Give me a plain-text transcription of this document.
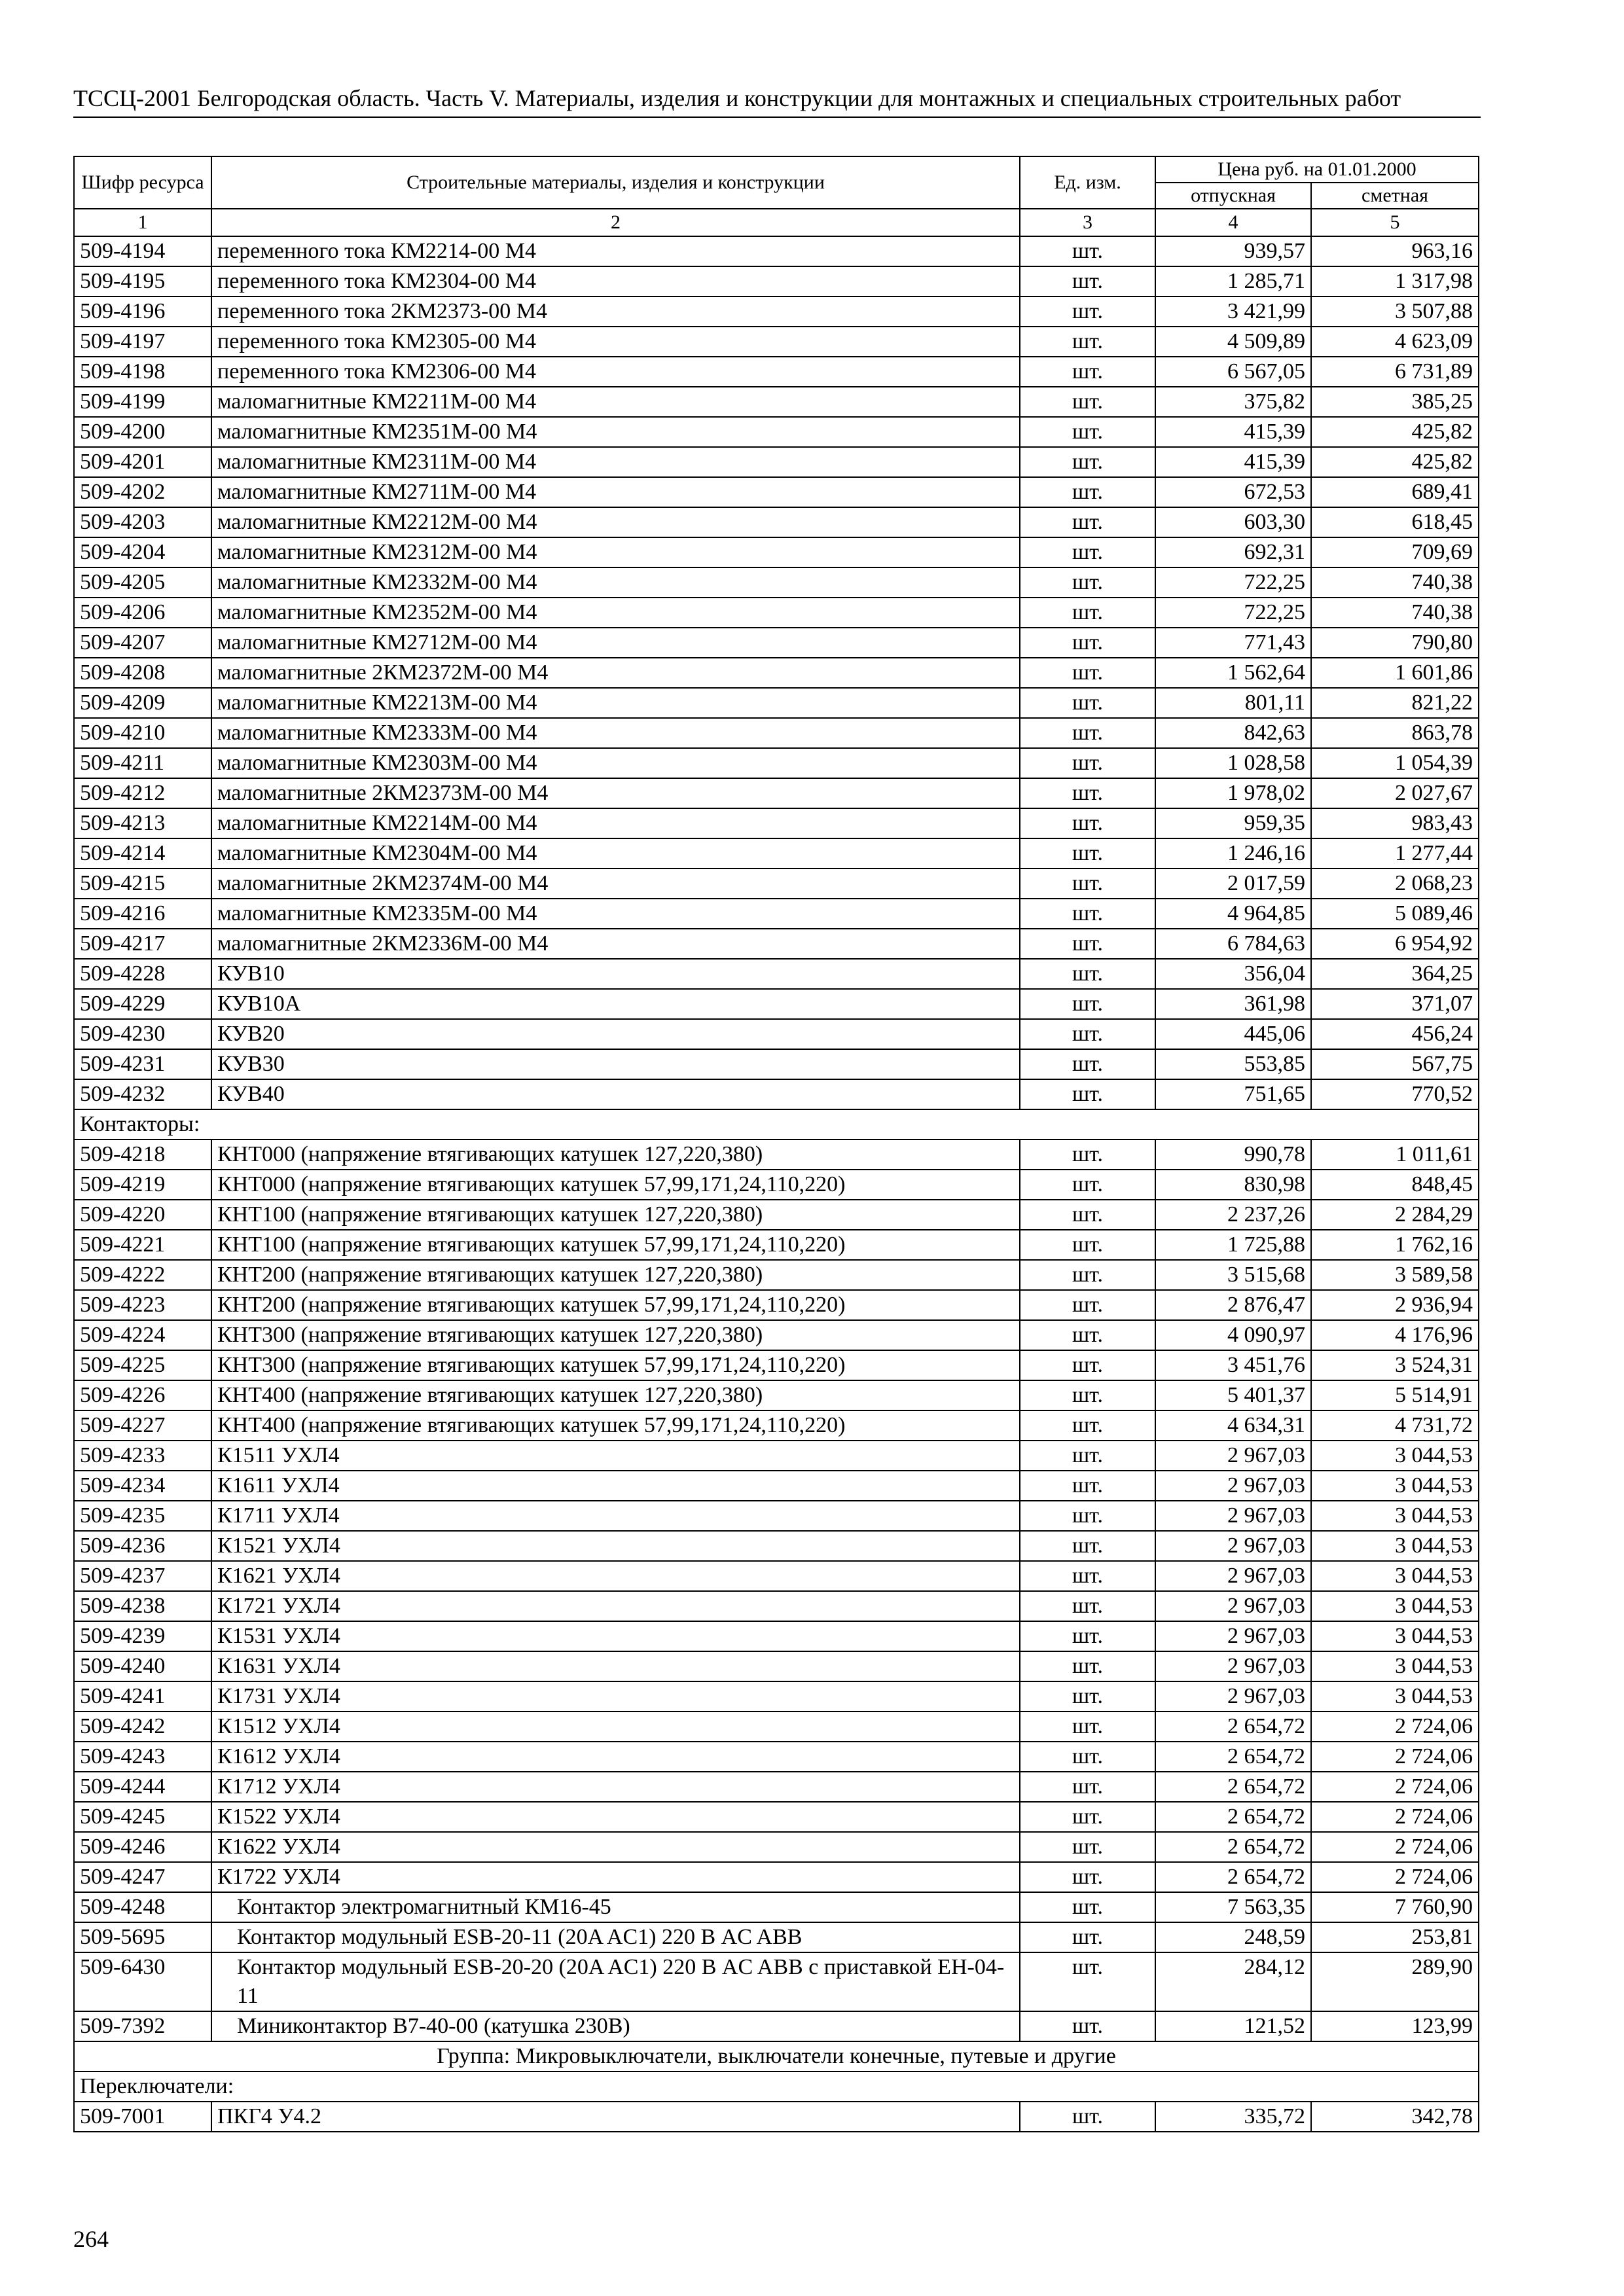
ТССЦ-2001 Белгородская область. Часть V. Материалы, изделия и конструкции для монтажных и специальных строительных работ
Шифр ресурса	Строительные материалы, изделия и конструкции	Ед. изм.	Цена руб. на 01.01.2000	
			отпускная	сметная
1	2	3	4	5
509-4194	переменного тока КМ2214-00 М4	шт.	939,57	963,16
509-4195	переменного тока КМ2304-00 М4	шт.	1 285,71	1 317,98
509-4196	переменного тока 2КМ2373-00 М4	шт.	3 421,99	3 507,88
509-4197	переменного тока КМ2305-00 М4	шт.	4 509,89	4 623,09
509-4198	переменного тока КМ2306-00 М4	шт.	6 567,05	6 731,89
509-4199	маломагнитные КМ2211М-00 М4	шт.	375,82	385,25
509-4200	маломагнитные КМ2351М-00 М4	шт.	415,39	425,82
509-4201	маломагнитные КМ2311М-00 М4	шт.	415,39	425,82
509-4202	маломагнитные КМ2711М-00 М4	шт.	672,53	689,41
509-4203	маломагнитные КМ2212М-00 М4	шт.	603,30	618,45
509-4204	маломагнитные КМ2312М-00 М4	шт.	692,31	709,69
509-4205	маломагнитные КМ2332М-00 М4	шт.	722,25	740,38
509-4206	маломагнитные КМ2352М-00 М4	шт.	722,25	740,38
509-4207	маломагнитные КМ2712М-00 М4	шт.	771,43	790,80
509-4208	маломагнитные 2КМ2372М-00 М4	шт.	1 562,64	1 601,86
509-4209	маломагнитные КМ2213М-00 М4	шт.	801,11	821,22
509-4210	маломагнитные КМ2333М-00 М4	шт.	842,63	863,78
509-4211	маломагнитные КМ2303М-00 М4	шт.	1 028,58	1 054,39
509-4212	маломагнитные 2КМ2373М-00 М4	шт.	1 978,02	2 027,67
509-4213	маломагнитные КМ2214М-00 М4	шт.	959,35	983,43
509-4214	маломагнитные КМ2304М-00 М4	шт.	1 246,16	1 277,44
509-4215	маломагнитные 2КМ2374М-00 М4	шт.	2 017,59	2 068,23
509-4216	маломагнитные КМ2335М-00 М4	шт.	4 964,85	5 089,46
509-4217	маломагнитные 2КМ2336М-00 М4	шт.	6 784,63	6 954,92
509-4228	КУВ10	шт.	356,04	364,25
509-4229	КУВ10А	шт.	361,98	371,07
509-4230	КУВ20	шт.	445,06	456,24
509-4231	КУВ30	шт.	553,85	567,75
509-4232	КУВ40	шт.	751,65	770,52
Контакторы:				
509-4218	КНТ000 (напряжение втягивающих катушек 127,220,380)	шт.	990,78	1 011,61
509-4219	КНТ000 (напряжение втягивающих катушек 57,99,171,24,110,220)	шт.	830,98	848,45
509-4220	КНТ100 (напряжение втягивающих катушек 127,220,380)	шт.	2 237,26	2 284,29
509-4221	КНТ100 (напряжение втягивающих катушек 57,99,171,24,110,220)	шт.	1 725,88	1 762,16
509-4222	КНТ200 (напряжение втягивающих катушек 127,220,380)	шт.	3 515,68	3 589,58
509-4223	КНТ200 (напряжение втягивающих катушек 57,99,171,24,110,220)	шт.	2 876,47	2 936,94
509-4224	КНТ300 (напряжение втягивающих катушек 127,220,380)	шт.	4 090,97	4 176,96
509-4225	КНТ300 (напряжение втягивающих катушек 57,99,171,24,110,220)	шт.	3 451,76	3 524,31
509-4226	КНТ400 (напряжение втягивающих катушек 127,220,380)	шт.	5 401,37	5 514,91
509-4227	КНТ400 (напряжение втягивающих катушек 57,99,171,24,110,220)	шт.	4 634,31	4 731,72
509-4233	К1511 УХЛ4	шт.	2 967,03	3 044,53
509-4234	К1611 УХЛ4	шт.	2 967,03	3 044,53
509-4235	К1711 УХЛ4	шт.	2 967,03	3 044,53
509-4236	К1521 УХЛ4	шт.	2 967,03	3 044,53
509-4237	К1621 УХЛ4	шт.	2 967,03	3 044,53
509-4238	К1721 УХЛ4	шт.	2 967,03	3 044,53
509-4239	К1531 УХЛ4	шт.	2 967,03	3 044,53
509-4240	К1631 УХЛ4	шт.	2 967,03	3 044,53
509-4241	К1731 УХЛ4	шт.	2 967,03	3 044,53
509-4242	К1512 УХЛ4	шт.	2 654,72	2 724,06
509-4243	К1612 УХЛ4	шт.	2 654,72	2 724,06
509-4244	К1712 УХЛ4	шт.	2 654,72	2 724,06
509-4245	К1522 УХЛ4	шт.	2 654,72	2 724,06
509-4246	К1622 УХЛ4	шт.	2 654,72	2 724,06
509-4247	К1722 УХЛ4	шт.	2 654,72	2 724,06
509-4248	Контактор электромагнитный КМ16-45	шт.	7 563,35	7 760,90
509-5695	Контактор модульный ESB-20-11 (20A AC1) 220 В AC ABB	шт.	248,59	253,81
509-6430	Контактор модульный ESB-20-20 (20A AC1) 220 В AC ABB с приставкой EH-04-11	шт.	284,12	289,90
509-7392	Миниконтактор B7-40-00 (катушка 230В)	шт.	121,52	123,99
Группа: Микровыключатели, выключатели конечные, путевые и другие				
Переключатели:				
509-7001	ПКГ4 У4.2	шт.	335,72	342,78
264
